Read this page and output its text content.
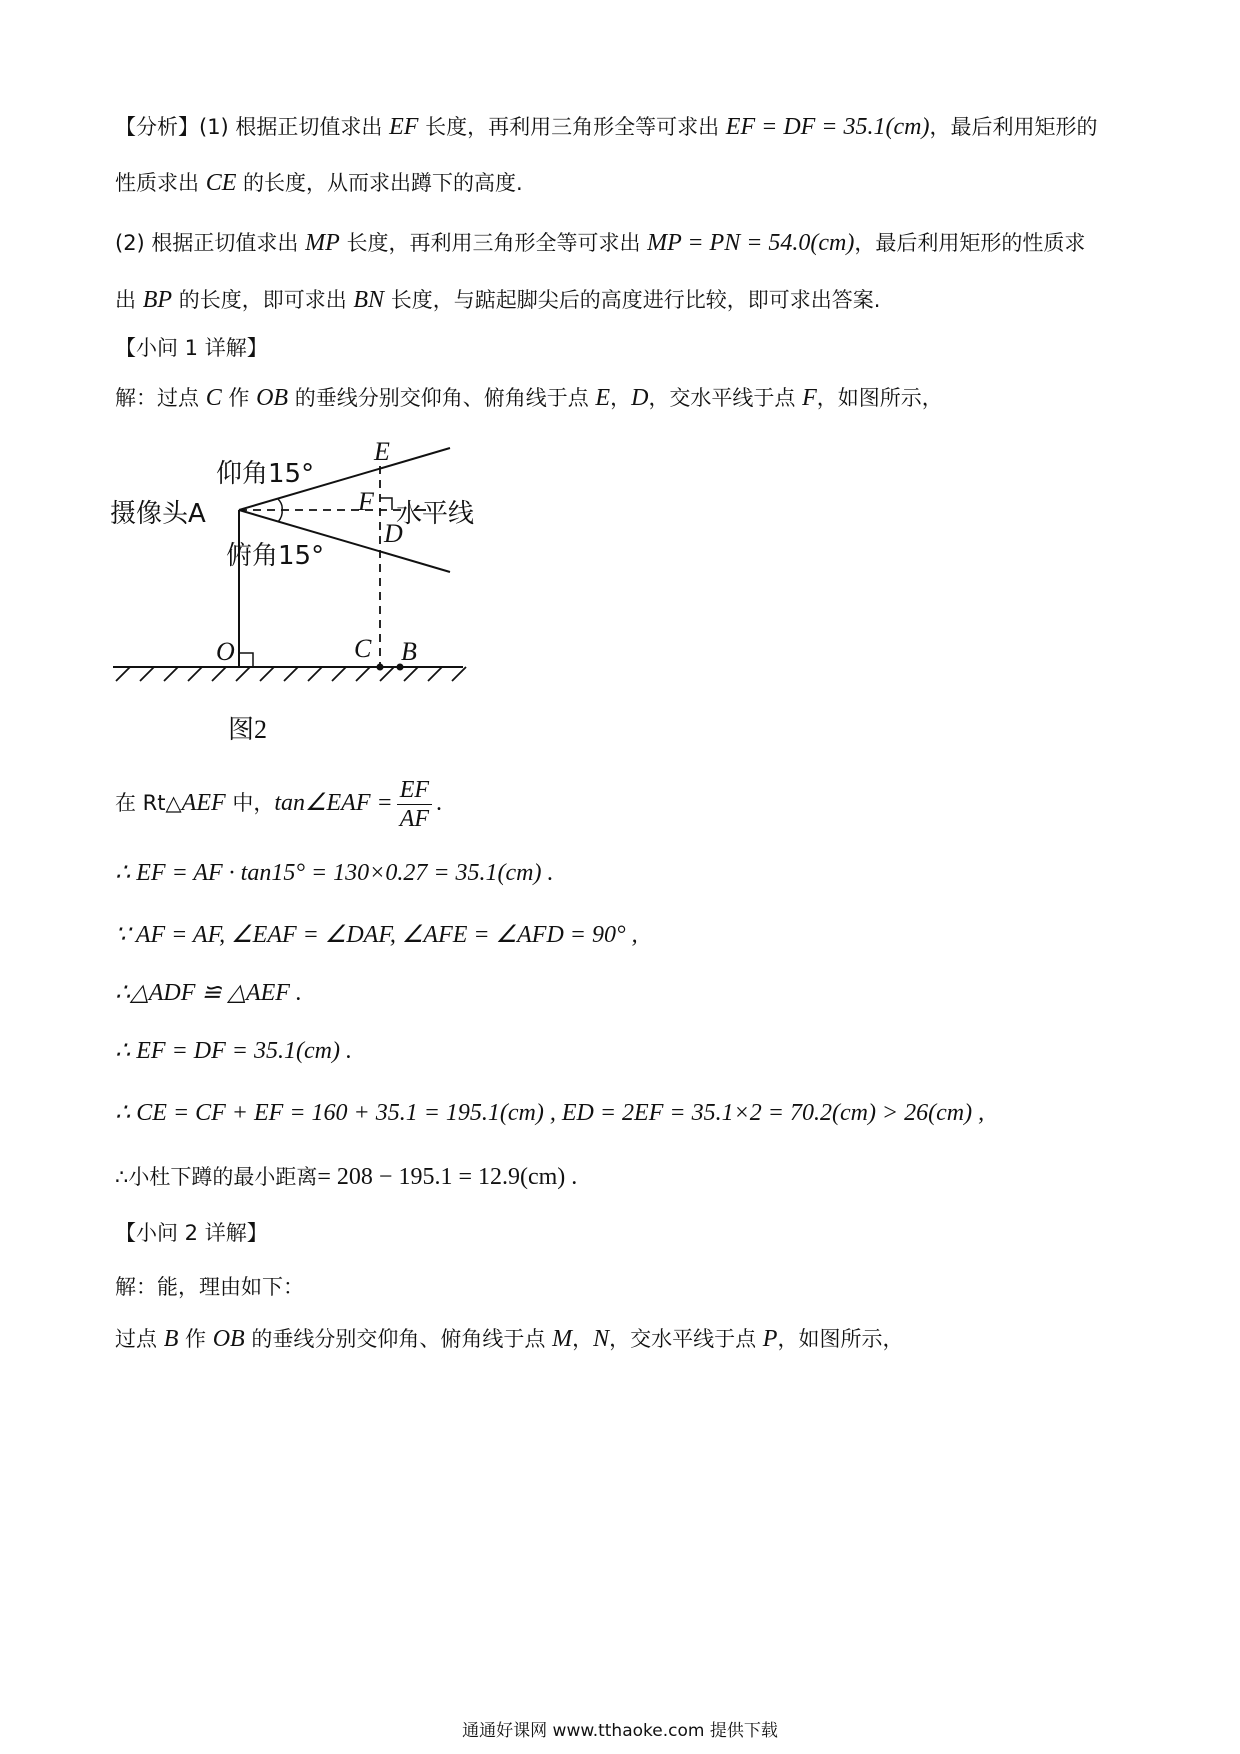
【分析】(1) 根据正切值求出 EF 长度，再利用三角形全等可求出 EF = DF = 35.1(cm)，最后利用矩形的
性质求出 CE 的长度，从而求出蹲下的高度.
(2) 根据正切值求出 MP 长度，再利用三角形全等可求出 MP = PN = 54.0(cm)，最后利用矩形的性质求
出 BP 的长度，即可求出 BN 长度，与踮起脚尖后的高度进行比较，即可求出答案.
【小问 1 详解】
解：过点 C 作 OB 的垂线分别交仰角、俯角线于点 E，D，交水平线于点 F，如图所示，
仰角15°
摄像头A
俯角15°
水平线
图2
E
F
D
O	C B
在 Rt△AEF 中，tan∠EAF = $\frac{EF}{AF}$ .
∴ EF = AF · tan15° = 130×0.27 = 35.1(cm) .
∵ AF = AF, ∠EAF = ∠DAF, ∠AFE = ∠AFD = 90° ,
∴△ADF ≌ △AEF .
∴ EF = DF = 35.1(cm) .
∴ CE = CF + EF = 160 + 35.1 = 195.1(cm) , ED = 2EF = 35.1×2 = 70.2(cm) > 26(cm) ,
∴小杜下蹲的最小距离= 208 − 195.1 = 12.9(cm) .
【小问 2 详解】
解：能，理由如下：
过点 B 作 OB 的垂线分别交仰角、俯角线于点 M，N，交水平线于点 P，如图所示，
通通好课网 www.tthaoke.com 提供下载
